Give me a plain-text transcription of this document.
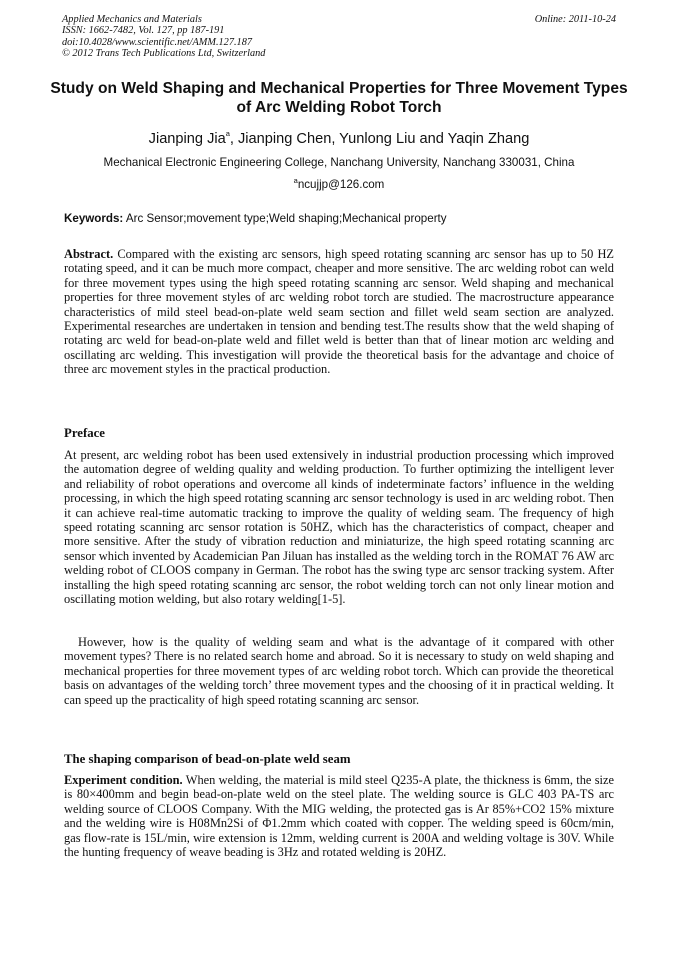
Applied Mechanics and Materials
ISSN: 1662-7482, Vol. 127, pp 187-191
doi:10.4028/www.scientific.net/AMM.127.187
© 2012 Trans Tech Publications Ltd, Switzerland
Online: 2011-10-24
Study on Weld Shaping and Mechanical Properties for Three Movement Types of Arc Welding Robot Torch
Jianping Jia$^a$, Jianping Chen, Yunlong Liu and Yaqin Zhang
Mechanical Electronic Engineering College, Nanchang University, Nanchang 330031, China
$^a$ncujjp@126.com
Keywords: Arc Sensor;movement type;Weld shaping;Mechanical property
Abstract. Compared with the existing arc sensors, high speed rotating scanning arc sensor has up to 50 HZ rotating speed, and it can be much more compact, cheaper and more sensitive. The arc welding robot can weld for three movement types using the high speed rotating scanning arc sensor. Weld shaping and mechanical properties for three movement styles of arc welding robot torch are studied. The macrostructure appearance characteristics of mild steel bead-on-plate weld seam section and fillet weld seam section are analyzed. Experimental researches are undertaken in tension and bending test.The results show that the weld shaping of rotating arc weld for bead-on-plate weld and fillet weld is better than that of linear motion arc welding and oscillating arc welding. This investigation will provide the theoretical basis for the advantage and choice of three arc movement styles in the practical production.
Preface
At present, arc welding robot has been used extensively in industrial production processing which improved the automation degree of welding quality and welding production. To further optimizing the intelligent lever and reliability of robot operations and overcome all kinds of indeterminate factors’ influence in the welding processing, in which the high speed rotating scanning arc sensor technology is used in arc welding robot. Then it can achieve real-time automatic tracking to improve the quality of welding seam. The frequency of high speed rotating scanning arc sensor rotation is 50HZ, which has the characteristics of compact, cheaper and more sensitive. After the study of vibration reduction and miniaturize, the high speed rotating scanning arc sensor which invented by Academician Pan Jiluan has installed as the welding torch in the ROMAT 76 AW arc welding robot of CLOOS company in German. The robot has the swing type arc sensor tracking system. After installing the high speed rotating scanning arc sensor, the robot welding torch can not only linear motion and oscillating motion welding, but also rotary welding[1-5].
However, how is the quality of welding seam and what is the advantage of it compared with other movement types? There is no related search home and abroad. So it is necessary to study on weld shaping and mechanical properties for three movement types of arc welding robot torch. Which can provide the theoretical basis on advantages of the welding torch’ three movement types and the choosing of it in practical welding. It can speed up the practicality of high speed rotating scanning arc sensor.
The shaping comparison of bead-on-plate weld seam
Experiment condition. When welding, the material is mild steel Q235-A plate, the thickness is 6mm, the size is 80×400mm and begin bead-on-plate weld on the steel plate. The welding source is GLC 403 PA-TS arc welding source of CLOOS Company. With the MIG welding, the protected gas is Ar 85%+CO2 15% mixture and the welding wire is H08Mn2Si of Φ1.2mm which coated with copper. The welding speed is 60cm/min, gas flow-rate is 15L/min, wire extension is 12mm, welding current is 200A and welding voltage is 30V. While the hunting frequency of weave beading is 3Hz and rotated welding is 20HZ.
